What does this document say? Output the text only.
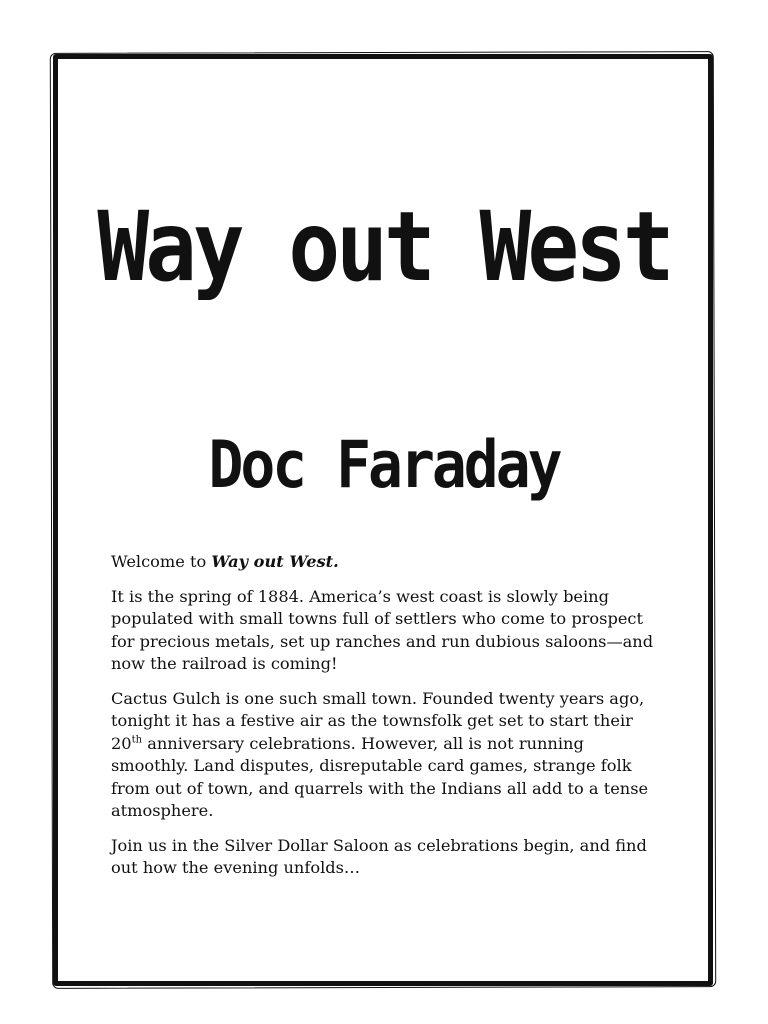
Way out West
Doc Faraday

Welcome to Way out West.

It is the spring of 1884. America’s west coast is slowly being populated with small towns full of settlers who come to prospect for precious metals, set up ranches and run dubious saloons—and now the railroad is coming!

Cactus Gulch is one such small town. Founded twenty years ago, tonight it has a festive air as the townsfolk get set to start their 20th anniversary celebrations. However, all is not running smoothly. Land disputes, disreputable card games, strange folk from out of town, and quarrels with the Indians all add to a tense atmosphere.

Join us in the Silver Dollar Saloon as celebrations begin, and find out how the evening unfolds…
